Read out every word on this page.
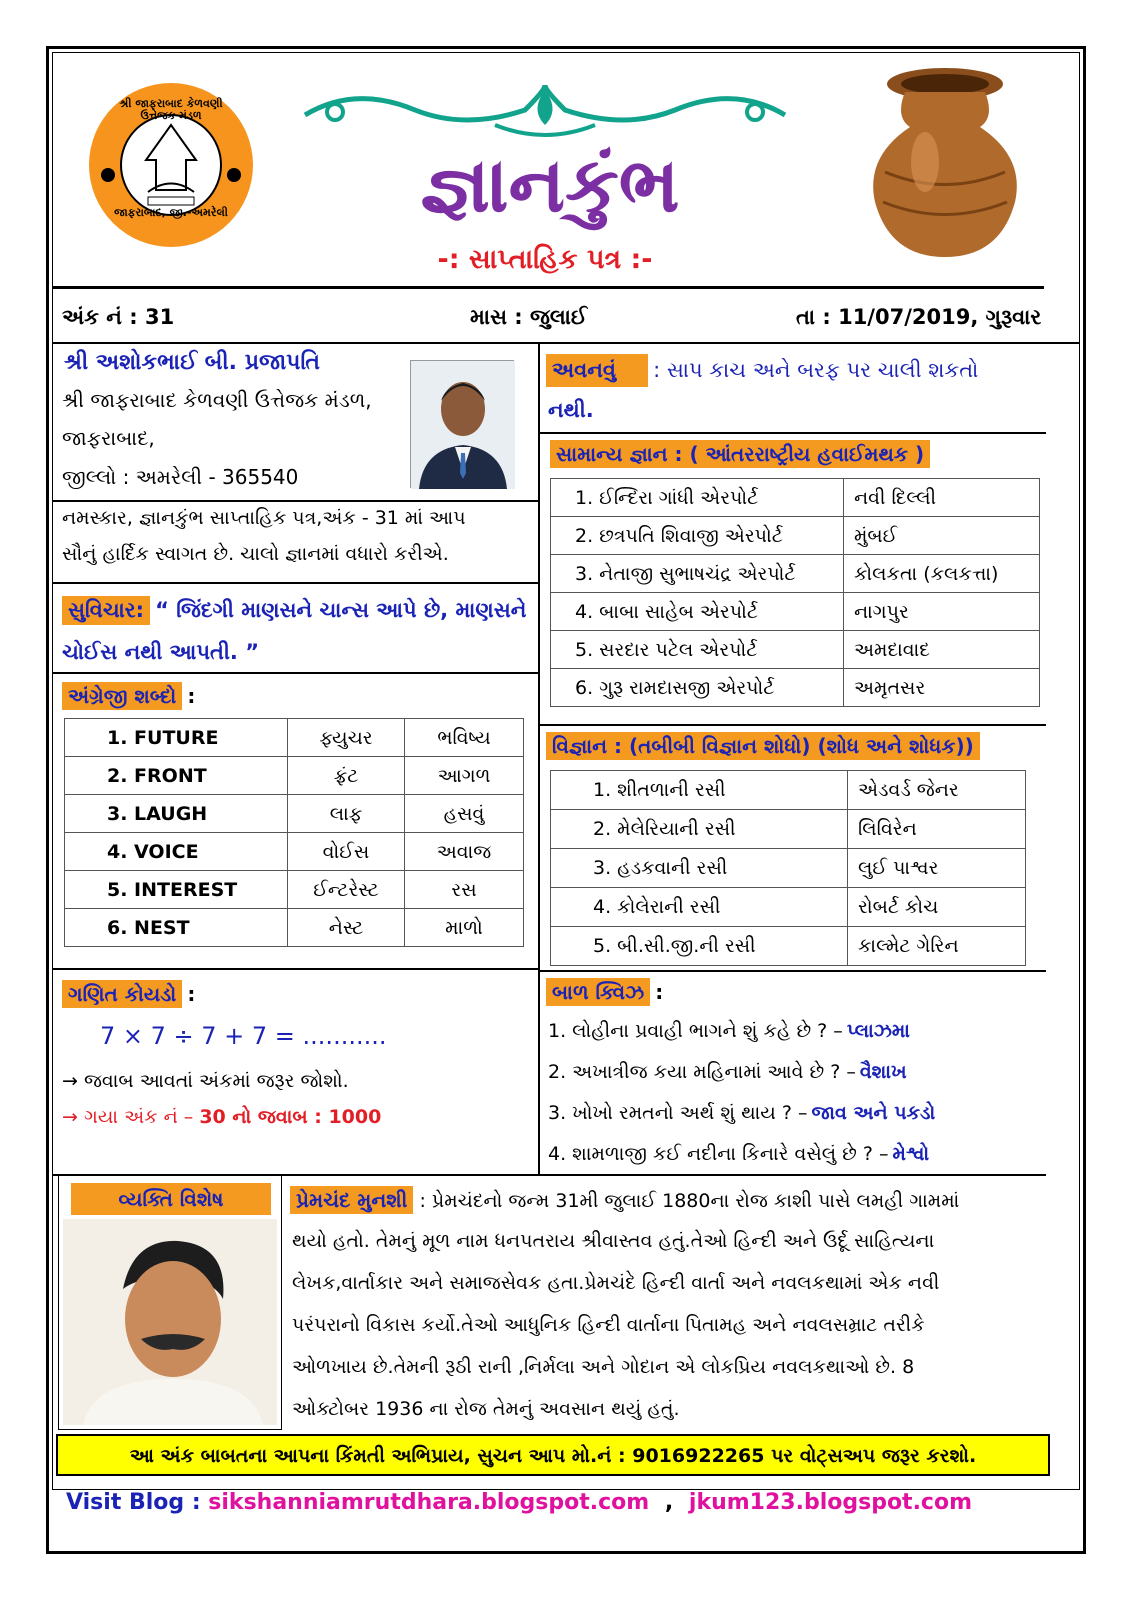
શ્રી જાફરાબાદ કેળવણી ઉત્તેજક મંડળ
જાફરાબાદ, જી.-અમરેલી	જ્ઞાનકુંભ
-: સાપ્તાહિક પત્ર :-
અંક નં : 31	માસ : જુલાઈ	તા : 11/07/2019, ગુરૂવાર
શ્રી અશોકભાઈ બી. પ્રજાપતિ
શ્રી જાફરાબાદ કેળવણી ઉત્તેજક મંડળ,
જાફરાબાદ,
જીલ્લો : અમરેલી - 365540
નમસ્કાર, જ્ઞાનકુંભ સાપ્તાહિક પત્ર,અંક - 31 માં આપ
સૌનું હાર્દિક સ્વાગત છે. ચાલો જ્ઞાનમાં વધારો કરીએ.
સુવિચાર: “ જિંદગી માણસને ચાન્સ આપે છે, માણસને
ચોઈસ નથી આપતી. ”
અંગ્રેજી શબ્દો :
1. FUTURE	ફ્યુચર	ભવિષ્ય
2. FRONT	ફ્રંટ	આગળ
3. LAUGH	લાફ	હસવું
4. VOICE	વોઈસ	અવાજ
5. INTEREST	ઈન્ટરેસ્ટ	રસ
6. NEST	નેસ્ટ	માળો
ગણિત કોયડો :
7 × 7 ÷ 7 + 7 = ...........
→ જવાબ આવતાં અંકમાં જરૂર જોશો.
→ ગયા અંક નં – 30 નો જવાબ : 1000
અવનવું : સાપ કાચ અને બરફ પર ચાલી શકતો
નથી.
સામાન્ય જ્ઞાન : ( આંતરરાષ્ટ્રીય હવાઈમથક )
1. ઈન્દિરા ગાંધી એરપોર્ટ	નવી દિલ્લી
2. છત્રપતિ શિવાજી એરપોર્ટ	મુંબઈ
3. નેતાજી સુભાષચંદ્ર એરપોર્ટ	કોલકતા (કલકત્તા)
4. બાબા સાહેબ એરપોર્ટ	નાગપુર
5. સરદાર પટેલ એરપોર્ટ	અમદાવાદ
6. ગુરૂ રામદાસજી એરપોર્ટ	અમૃતસર
વિજ્ઞાન : (તબીબી વિજ્ઞાન શોધો) (શોધ અને શોધક))
1. શીતળાની રસી	એડવર્ડ જેનર
2. મેલેરિયાની રસી	લિવિરેન
3. હડકવાની રસી	લુઈ પાશ્વર
4. કોલેરાની રસી	રોબર્ટ કોચ
5. બી.સી.જી.ની રસી	કાલ્મેટ ગેરિન
બાળ ક્વિઝ :
1. લોહીના પ્રવાહી ભાગને શું કહે છે ? – પ્લાઝમા
2. અખાત્રીજ કયા મહિનામાં આવે છે ? – વૈશાખ
3. ખોખો રમતનો અર્થ શું થાય ? – જાવ અને પકડો
4. શામળાજી કઈ નદીના કિનારે વસેલું છે ? – મેશ્વો
વ્યક્તિ વિશેષ	પ્રેમચંદ મુનશી : પ્રેમચંદનો જન્મ 31મી જુલાઈ 1880ના રોજ કાશી પાસે લમહી ગામમાં
થયો હતો. તેમનું મૂળ નામ ધનપતરાય શ્રીવાસ્તવ હતું.તેઓ હિન્દી અને ઉર્દૂ સાહિત્યના
લેખક,વાર્તાકાર અને સમાજસેવક હતા.પ્રેમચંદે હિન્દી વાર્તા અને નવલકથામાં એક નવી
પરંપરાનો વિકાસ કર્યો.તેઓ આધુનિક હિન્દી વાર્તાના પિતામહ અને નવલસમ્રાટ તરીકે
ઓળખાય છે.તેમની રૂઠી રાની ,નિર્મલા અને ગોદાન એ લોકપ્રિય નવલકથાઓ છે. 8
ઓક્ટોબર 1936 ના રોજ તેમનું અવસાન થયું હતું.
આ અંક બાબતના આપના કિંમતી અભિપ્રાય, સુચન આપ મો.નં : 9016922265 પર વોટ્સઅપ જરૂર કરશો.
Visit Blog : sikshanniamrutdhara.blogspot.com , jkum123.blogspot.com
